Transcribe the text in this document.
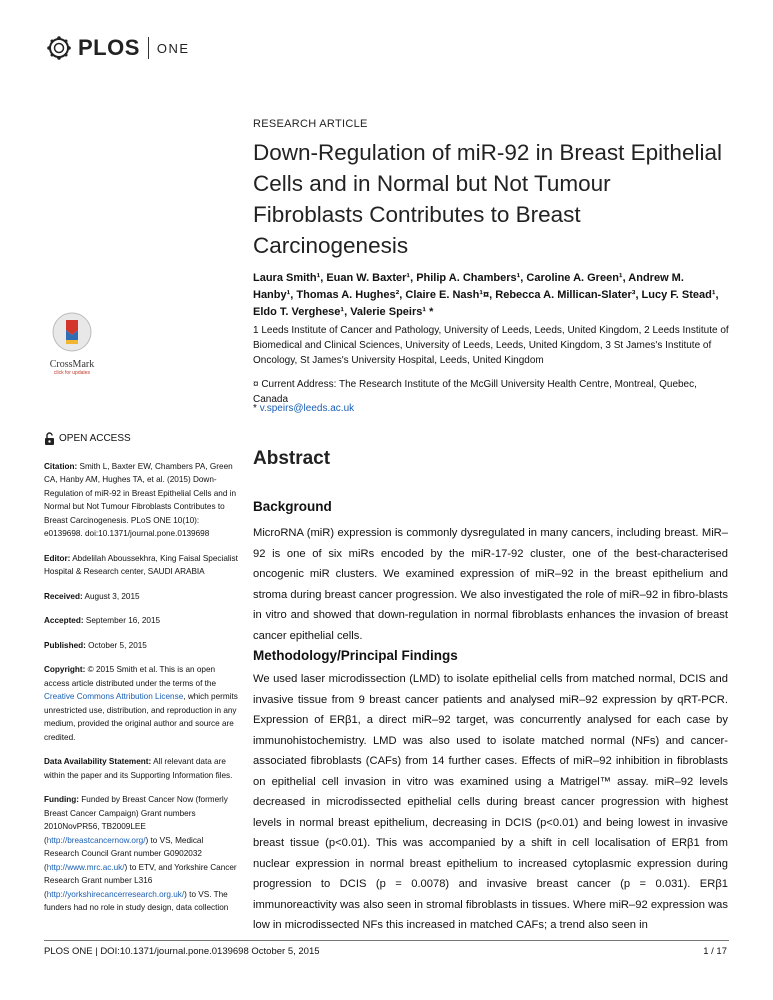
PLOS ONE
RESEARCH ARTICLE
Down-Regulation of miR-92 in Breast Epithelial Cells and in Normal but Not Tumour Fibroblasts Contributes to Breast Carcinogenesis
Laura Smith¹, Euan W. Baxter¹, Philip A. Chambers¹, Caroline A. Green¹, Andrew M. Hanby¹, Thomas A. Hughes², Claire E. Nash¹¤, Rebecca A. Millican-Slater³, Lucy F. Stead¹, Eldo T. Verghese¹, Valerie Speirs¹ *
1 Leeds Institute of Cancer and Pathology, University of Leeds, Leeds, United Kingdom, 2 Leeds Institute of Biomedical and Clinical Sciences, University of Leeds, Leeds, United Kingdom, 3 St James's Institute of Oncology, St James's University Hospital, Leeds, United Kingdom
¤ Current Address: The Research Institute of the McGill University Health Centre, Montreal, Quebec, Canada
* v.speirs@leeds.ac.uk
CrossMark
click for updates
OPEN ACCESS

Citation: Smith L, Baxter EW, Chambers PA, Green CA, Hanby AM, Hughes TA, et al. (2015) Down-Regulation of miR-92 in Breast Epithelial Cells and in Normal but Not Tumour Fibroblasts Contributes to Breast Carcinogenesis. PLoS ONE 10(10): e0139698. doi:10.1371/journal.pone.0139698

Editor: Abdelilah Aboussekhra, King Faisal Specialist Hospital & Research center, SAUDI ARABIA

Received: August 3, 2015

Accepted: September 16, 2015

Published: October 5, 2015

Copyright: © 2015 Smith et al. This is an open access article distributed under the terms of the Creative Commons Attribution License, which permits unrestricted use, distribution, and reproduction in any medium, provided the original author and source are credited.

Data Availability Statement: All relevant data are within the paper and its Supporting Information files.

Funding: Funded by Breast Cancer Now (formerly Breast Cancer Campaign) Grant numbers 2010NovPR56, TB2009LEE (http://breastcancernow.org/) to VS, Medical Research Council Grant number G0902032 (http://www.mrc.ac.uk/) to ETV, and Yorkshire Cancer Research Grant number L316 (http://yorkshirecancerresearch.org.uk/) to VS. The funders had no role in study design, data collection

Abstract
Background

MicroRNA (miR) expression is commonly dysregulated in many cancers, including breast. MiR–92 is one of six miRs encoded by the miR-17-92 cluster, one of the best-characterised oncogenic miR clusters. We examined expression of miR–92 in the breast epithelium and stroma during breast cancer progression. We also investigated the role of miR–92 in fibro-blasts in vitro and showed that down-regulation in normal fibroblasts enhances the invasion of breast cancer epithelial cells.

Methodology/Principal Findings

We used laser microdissection (LMD) to isolate epithelial cells from matched normal, DCIS and invasive tissue from 9 breast cancer patients and analysed miR–92 expression by qRT-PCR. Expression of ERβ1, a direct miR–92 target, was concurrently analysed for each case by immunohistochemistry. LMD was also used to isolate matched normal (NFs) and cancer-associated fibroblasts (CAFs) from 14 further cases. Effects of miR–92 inhibition in fibroblasts on epithelial cell invasion in vitro was examined using a Matrigel™ assay. miR–92 levels decreased in microdissected epithelial cells during breast cancer progression with highest levels in normal breast epithelium, decreasing in DCIS (p<0.01) and being lowest in invasive breast tissue (p<0.01). This was accompanied by a shift in cell localisation of ERβ1 from nuclear expression in normal breast epithelium to increased cytoplasmic expression during progression to DCIS (p = 0.0078) and invasive breast cancer (p = 0.031). ERβ1 immunoreactivity was also seen in stromal fibroblasts in tissues. Where miR–92 expression was low in microdissected NFs this increased in matched CAFs; a trend also seen in

PLOS ONE | DOI:10.1371/journal.pone.0139698 October 5, 2015	1 / 17
